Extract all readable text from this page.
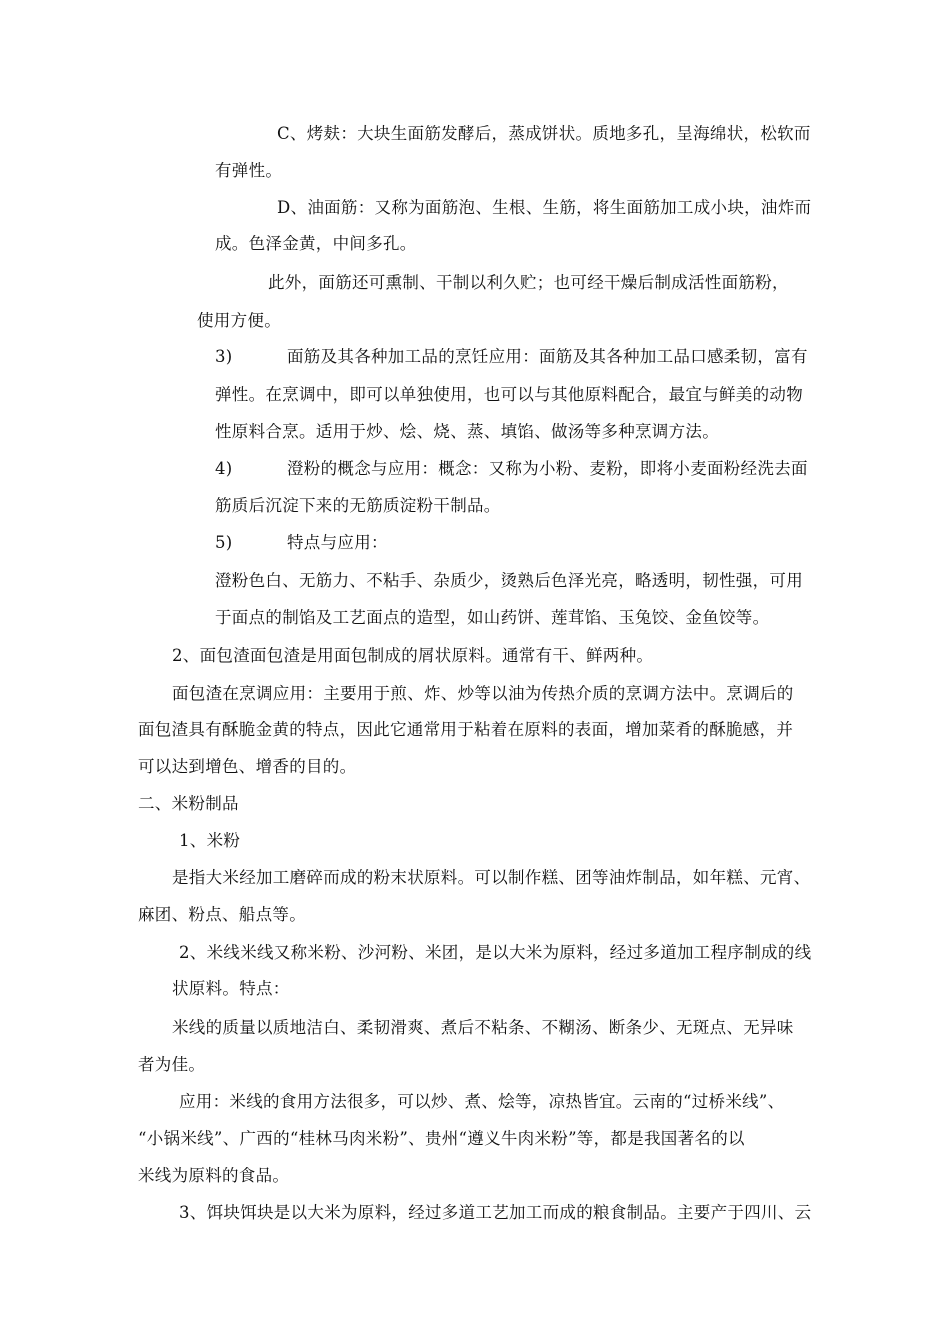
C、烤麸：大块生面筋发酵后，蒸成饼状。质地多孔，呈海绵状，松软而
有弹性。
D、油面筋：又称为面筋泡、生根、生筋，将生面筋加工成小块，油炸而
成。色泽金黄，中间多孔。
此外，面筋还可熏制、干制以利久贮；也可经干燥后制成活性面筋粉，
使用方便。
3)	面筋及其各种加工品的烹饪应用：面筋及其各种加工品口感柔韧，富有
弹性。在烹调中，即可以单独使用，也可以与其他原料配合，最宜与鲜美的动物
性原料合烹。适用于炒、烩、烧、蒸、填馅、做汤等多种烹调方法。
4)	澄粉的概念与应用：概念：又称为小粉、麦粉，即将小麦面粉经洗去面
筋质后沉淀下来的无筋质淀粉干制品。
5)	特点与应用：
澄粉色白、无筋力、不粘手、杂质少，烫熟后色泽光亮，略透明，韧性强，可用
于面点的制馅及工艺面点的造型，如山药饼、莲茸馅、玉兔饺、金鱼饺等。
2、面包渣面包渣是用面包制成的屑状原料。通常有干、鲜两种。
面包渣在烹调应用：主要用于煎、炸、炒等以油为传热介质的烹调方法中。烹调后的
面包渣具有酥脆金黄的特点，因此它通常用于粘着在原料的表面，增加菜肴的酥脆感，并
可以达到增色、增香的目的。
二、米粉制品
1、米粉
是指大米经加工磨碎而成的粉末状原料。可以制作糕、团等油炸制品，如年糕、元宵、
麻团、粉点、船点等。
2、米线米线又称米粉、沙河粉、米团，是以大米为原料，经过多道加工程序制成的线
状原料。特点：
米线的质量以质地洁白、柔韧滑爽、煮后不粘条、不糊汤、断条少、无斑点、无异味
者为佳。
应用：米线的食用方法很多，可以炒、煮、烩等，凉热皆宜。云南的“过桥米线”、
“小锅米线”、广西的“桂林马肉米粉”、贵州“遵义牛肉米粉”等，都是我国著名的以
米线为原料的食品。
3、饵块饵块是以大米为原料，经过多道工艺加工而成的粮食制品。主要产于四川、云
